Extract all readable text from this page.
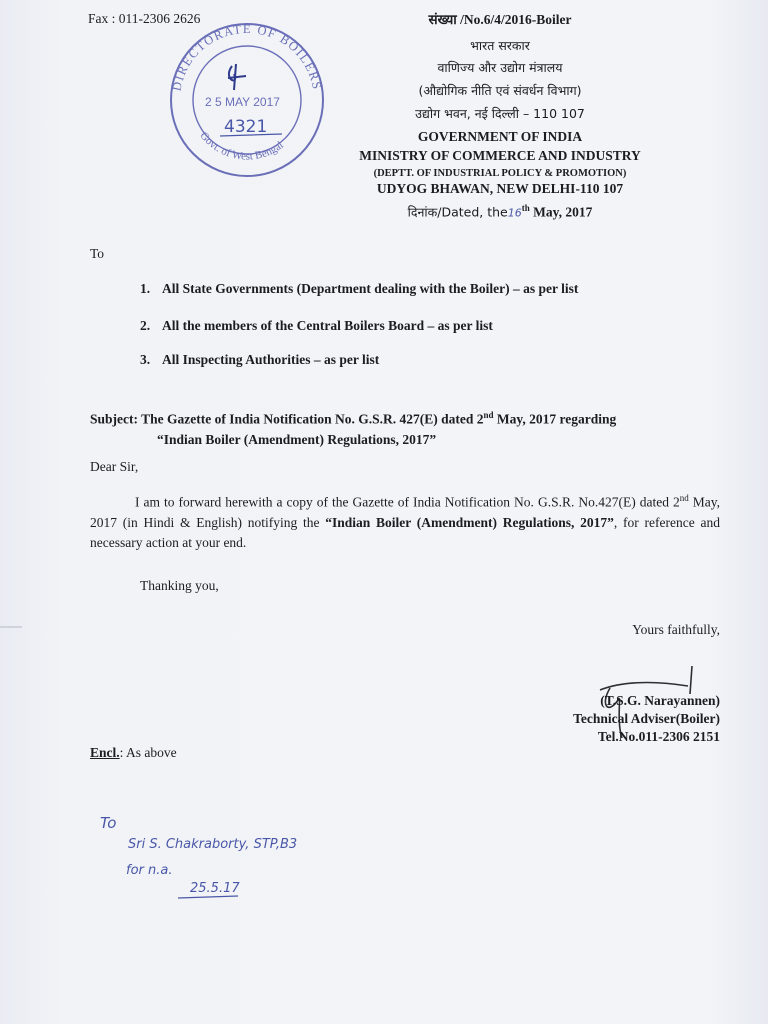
Fax : 011-2306 2626
DIRECTORATE OF BOILERS
Govt. of West Bengal
2 5 MAY 2017
4321
संख्या /No.6/4/2016-Boiler
भारत सरकार
वाणिज्य और उद्योग मंत्रालय
(औद्योगिक नीति एवं संवर्धन विभाग)
उद्योग भवन, नई दिल्ली – 110 107
GOVERNMENT OF INDIA
MINISTRY OF COMMERCE AND INDUSTRY
(DEPTT. OF INDUSTRIAL POLICY & PROMOTION)
UDYOG BHAWAN, NEW DELHI-110 107
दिनांक/Dated, the16th May, 2017
To
1. All State Governments (Department dealing with the Boiler) – as per list
2. All the members of the Central Boilers Board – as per list
3. All Inspecting Authorities – as per list
Subject: The Gazette of India Notification No. G.S.R. 427(E) dated 2nd May, 2017 regarding
“Indian Boiler (Amendment) Regulations, 2017”
Dear Sir,

I am to forward herewith a copy of the Gazette of India Notification No. G.S.R. No.427(E) dated 2nd May, 2017 (in Hindi & English) notifying the “Indian Boiler (Amendment) Regulations, 2017”, for reference and necessary action at your end.

Thanking you,
Yours faithfully,
(T.S.G. Narayannen)
Technical Adviser(Boiler)
Tel.No.011-2306 2151
Encl.: As above
To
Sri S. Chakraborty, STP,B3
for n.a.
25.5.17
